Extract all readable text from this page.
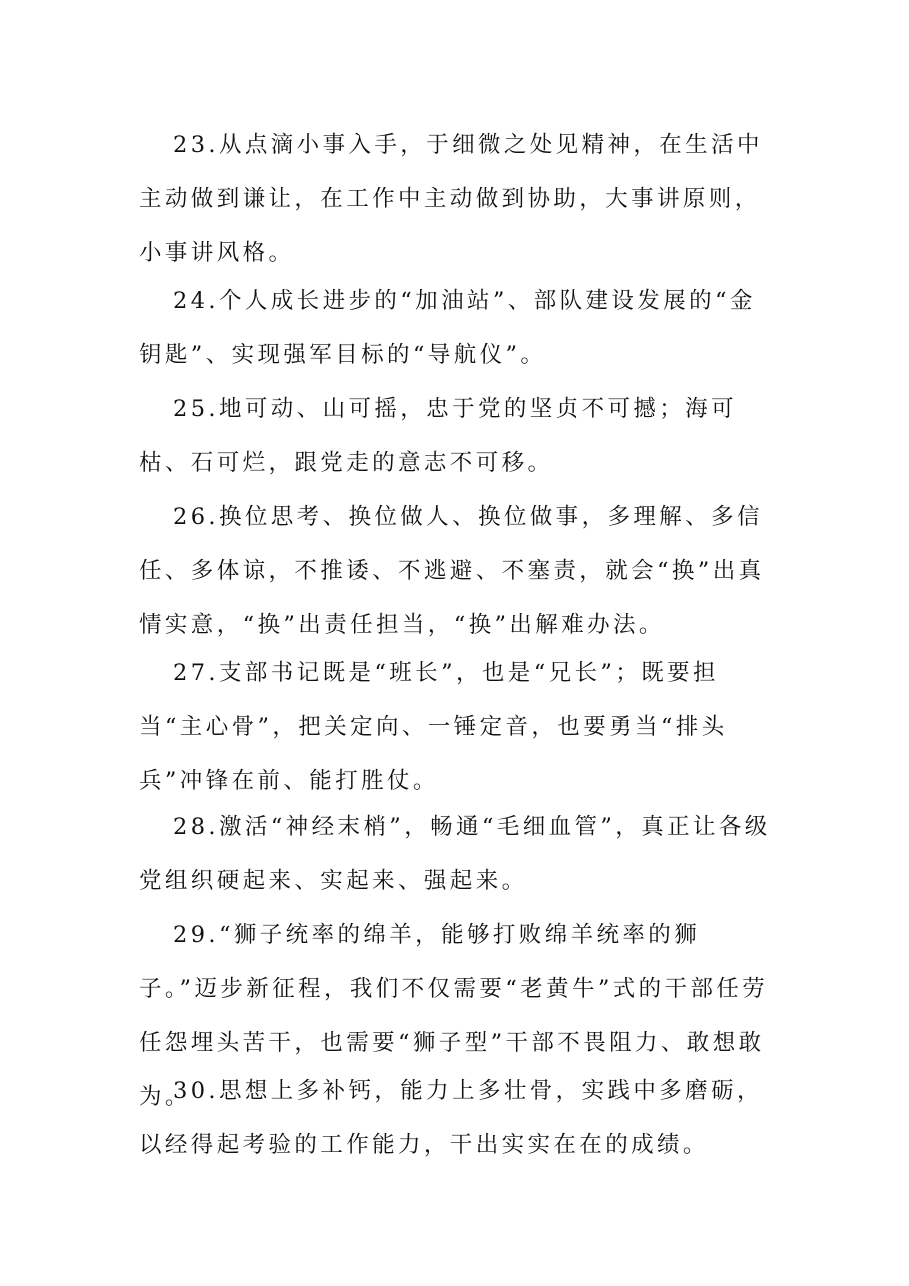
23.从点滴小事入手，于细微之处见精神，在生活中主动做到谦让，在工作中主动做到协助，大事讲原则，小事讲风格。

24.个人成长进步的“加油站”、部队建设发展的“金钥匙”、实现强军目标的“导航仪”。

25.地可动、山可摇，忠于党的坚贞不可撼；海可枯、石可烂，跟党走的意志不可移。

26.换位思考、换位做人、换位做事，多理解、多信任、多体谅，不推诿、不逃避、不塞责，就会“换”出真情实意，“换”出责任担当，“换”出解难办法。

27.支部书记既是“班长”，也是“兄长”；既要担当“主心骨”，把关定向、一锤定音，也要勇当“排头兵”冲锋在前、能打胜仗。

28.激活“神经末梢”，畅通“毛细血管”，真正让各级党组织硬起来、实起来、强起来。

29.“狮子统率的绵羊，能够打败绵羊统率的狮子。”迈步新征程，我们不仅需要“老黄牛”式的干部任劳任怨埋头苦干，也需要“狮子型”干部不畏阻力、敢想敢为。

30.思想上多补钙，能力上多壮骨，实践中多磨砺，以经得起考验的工作能力，干出实实在在的成绩。
